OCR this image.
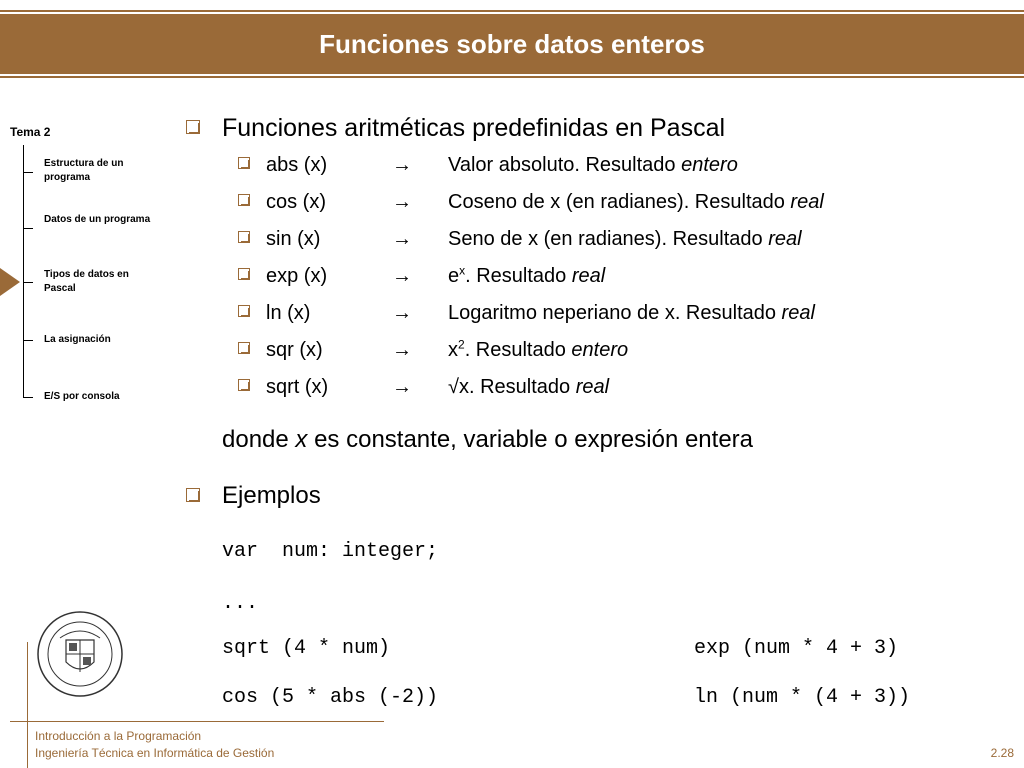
Funciones sobre datos enteros
Tema 2
Estructura de un programa
Datos de un programa
Tipos de datos en Pascal
La asignación
E/S por consola
Funciones aritméticas predefinidas en Pascal
abs (x)	→ Valor absoluto. Resultado entero
cos (x)	→ Coseno de x (en radianes). Resultado real
sin (x)	→ Seno de x (en radianes). Resultado real
exp (x)	→ $e^x$. Resultado real
ln (x)	→ Logaritmo neperiano de x. Resultado real
sqr (x)	→ $x^2$. Resultado entero
sqrt (x)	→ √x. Resultado real
donde x es constante, variable o expresión entera
Ejemplos
var  num: integer;
...
sqrt (4 * num)	exp (num * 4 + 3)
cos (5 * abs (-2))	ln (num * (4 + 3))
Introducción a la Programación
Ingeniería Técnica en Informática de Gestión	2.28
